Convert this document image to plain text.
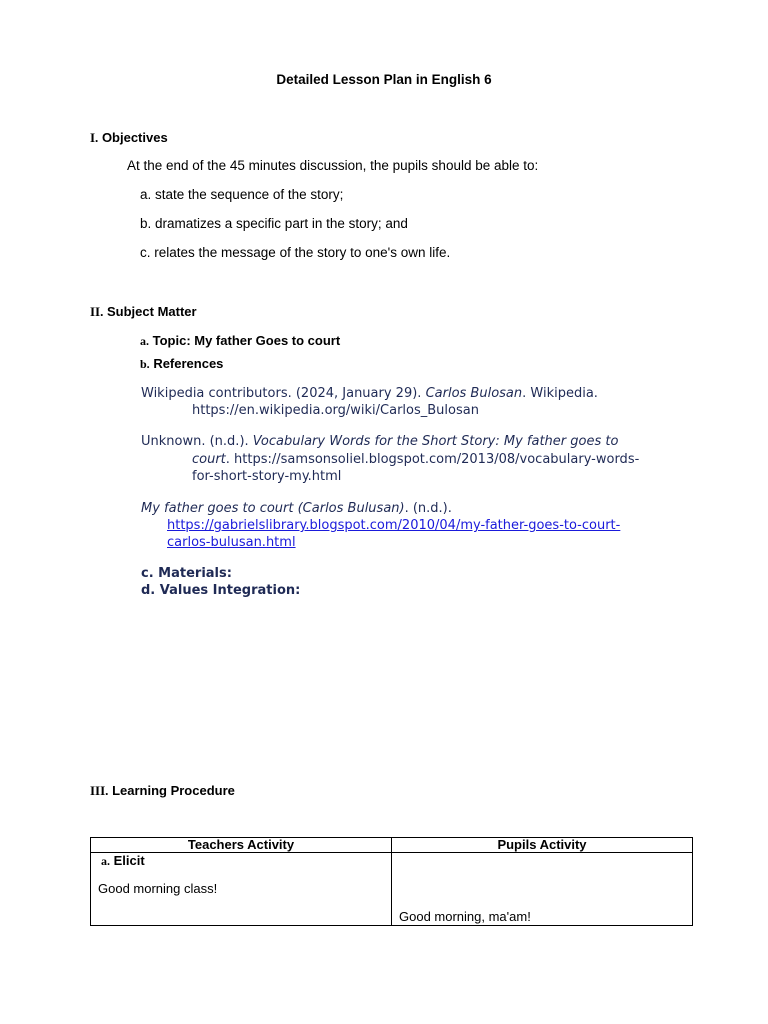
Detailed Lesson Plan in English 6
I. Objectives
At the end of the 45 minutes discussion, the pupils should be able to:
a. state the sequence of the story;
b. dramatizes a specific part in the story; and
c. relates the message of the story to one's own life.
II. Subject Matter
a. Topic: My father Goes to court
b. References
Wikipedia contributors. (2024, January 29). Carlos Bulosan. Wikipedia.
https://en.wikipedia.org/wiki/Carlos_Bulosan
Unknown. (n.d.). Vocabulary Words for the Short Story: My father goes to
court. https://samsonsoliel.blogspot.com/2013/08/vocabulary-words-
for-short-story-my.html
My father goes to court (Carlos Bulusan). (n.d.).
https://gabrielslibrary.blogspot.com/2010/04/my-father-goes-to-court-
carlos-bulusan.html
c. Materials:
d. Values Integration:
III. Learning Procedure
Teachers Activity	Pupils Activity

a. Elicit
Good morning class!	Good morning, ma'am!
